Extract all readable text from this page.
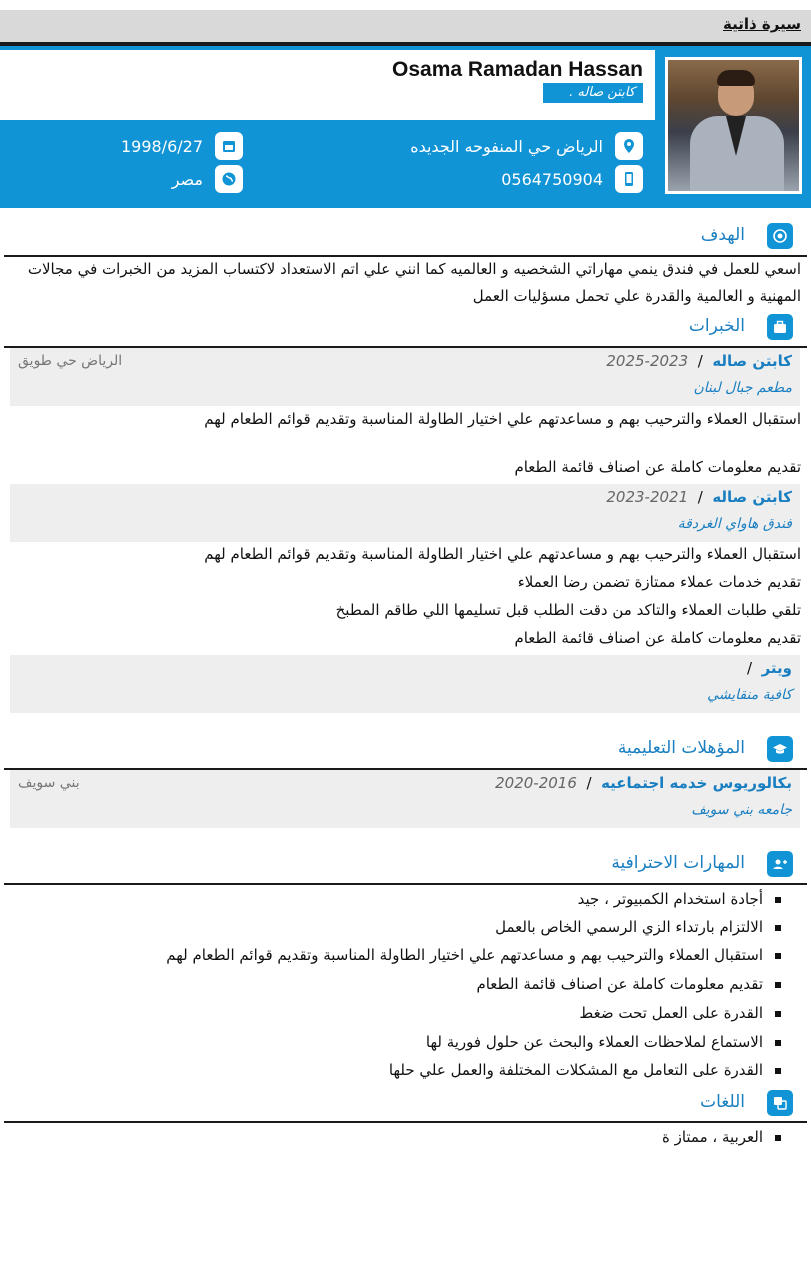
سيرة ذاتية
Osama Ramadan Hassan
كابتن صاله .
الرياض حي المنفوحه الجديده
0564750904
1998/6/27
مصر
الهدف
اسعي للعمل في فندق ينمي مهاراتي الشخصيه و العالميه كما انني علي اتم الاستعداد لاكتساب المزيد من الخبرات في مجالات
المهنية و العالمية والقدرة علي تحمل مسؤليات العمل
الخبرات
كابتن صاله  /  2023-2025
الرياض حي طويق
مطعم جبال لبنان
استقبال العملاء والترحيب بهم و مساعدتهم علي اختيار الطاولة المناسبة وتقديم قوائم الطعام لهم
تقديم معلومات كاملة عن اصناف قائمة الطعام
كابتن صاله  /  2021-2023
فندق هاواي الغردقة
استقبال العملاء والترحيب بهم و مساعدتهم علي اختيار الطاولة المناسبة وتقديم قوائم الطعام لهم
تقديم خدمات عملاء ممتازة تضمن رضا العملاء
تلقي طلبات العملاء والتاكد من دقت الطلب قبل تسليمها اللي طاقم المطبخ
تقديم معلومات كاملة عن اصناف قائمة الطعام
ويتر  /
كافية منقايشي
المؤهلات التعليمية
بكالوريوس خدمه اجتماعيه  /  2016-2020
بني سويف
جامعه بني سويف
المهارات الاحترافية
أجادة استخدام الكمبيوتر ، جيد
الالتزام بارتداء الزي الرسمي الخاص بالعمل
استقبال العملاء والترحيب بهم و مساعدتهم علي اختيار الطاولة المناسبة وتقديم قوائم الطعام لهم
تقديم معلومات كاملة عن اصناف قائمة الطعام
القدرة على العمل تحت ضغط
الاستماع لملاحظات العملاء والبحث عن حلول فورية لها
القدرة على التعامل مع المشكلات المختلفة والعمل علي حلها
اللغات
العربية ، ممتاز ة
